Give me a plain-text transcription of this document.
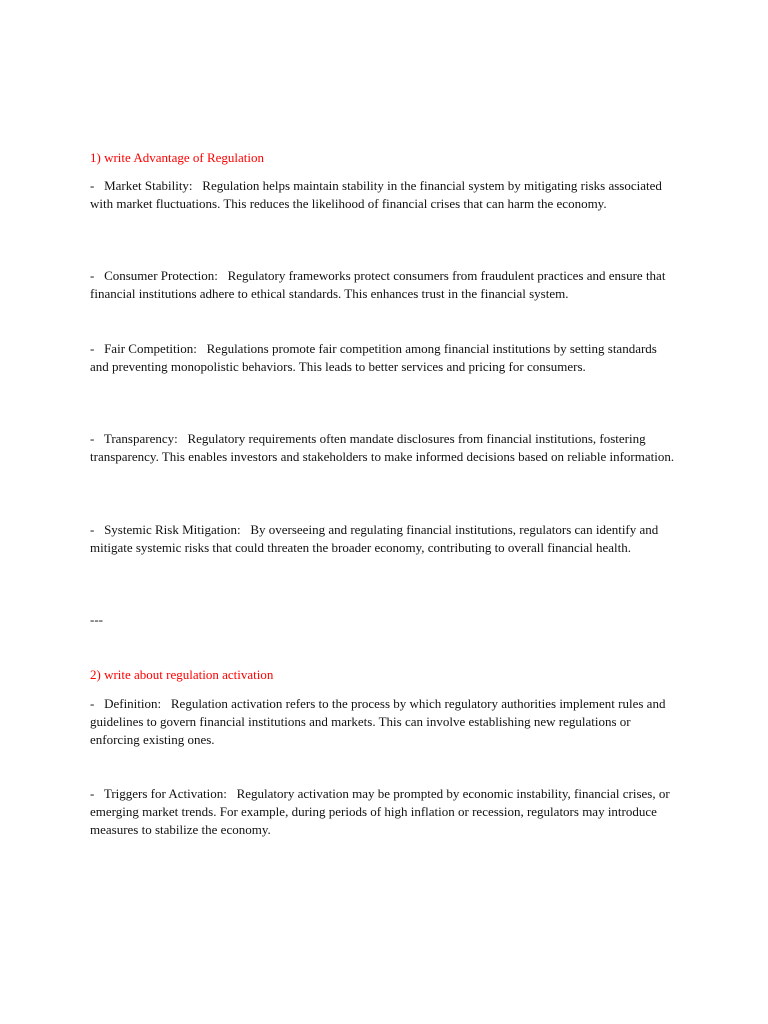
1) write Advantage of Regulation

-   Market Stability:   Regulation helps maintain stability in the financial system by mitigating risks associated with market fluctuations. This reduces the likelihood of financial crises that can harm the economy.

-   Consumer Protection:   Regulatory frameworks protect consumers from fraudulent practices and ensure that financial institutions adhere to ethical standards. This enhances trust in the financial system.

-   Fair Competition:   Regulations promote fair competition among financial institutions by setting standards and preventing monopolistic behaviors. This leads to better services and pricing for consumers.

-   Transparency:   Regulatory requirements often mandate disclosures from financial institutions, fostering transparency. This enables investors and stakeholders to make informed decisions based on reliable information.

-   Systemic Risk Mitigation:   By overseeing and regulating financial institutions, regulators can identify and mitigate systemic risks that could threaten the broader economy, contributing to overall financial health.

---
2) write about regulation activation

-   Definition:   Regulation activation refers to the process by which regulatory authorities implement rules and guidelines to govern financial institutions and markets. This can involve establishing new regulations or enforcing existing ones.

-   Triggers for Activation:   Regulatory activation may be prompted by economic instability, financial crises, or emerging market trends. For example, during periods of high inflation or recession, regulators may introduce measures to stabilize the economy.
